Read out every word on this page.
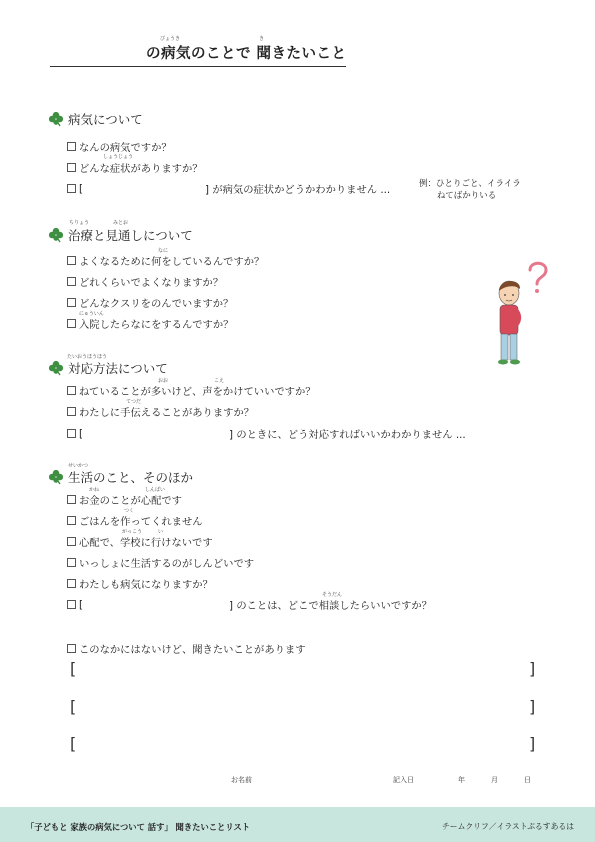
びょうき	き
の病気のことで 聞きたいこと
病気について
なんの病気ですか？
しょうじょう
どんな症状がありますか？
[	] が病気の症状かどうかわかりません ...	例：ひとりごと、イライラ
ねてばかりいる
ちりょう	みとお
治療と見通しについて
なに
よくなるために何をしているんですか？
どれくらいでよくなりますか？
どんなクスリをのんでいますか？
にゅういん
入院したらなにをするんですか？
たいおうほうほう
対応方法について
おお	こえ
ねていることが多いけど、声をかけていいですか？
てつだ
わたしに手伝えることがありますか？
[	] のときに、どう対応すればいいかわかりません ...
せいかつ
生活のこと、そのほか
かね	しんぱい
お金のことが心配です
つく
ごはんを作ってくれません
がっこう	い
心配で、学校に行けないです
いっしょに生活するのがしんどいです
わたしも病気になりますか？
そうだん
[	] のことは、どこで相談したらいいですか？
このなかにはないけど、聞きたいことがあります
[	]
[	]
[	]
お名前	記入日	年	月	日
「子どもと 家族の病気について 話す」 聞きたいことリスト	チームクリフ／イラストぷるすあるは
